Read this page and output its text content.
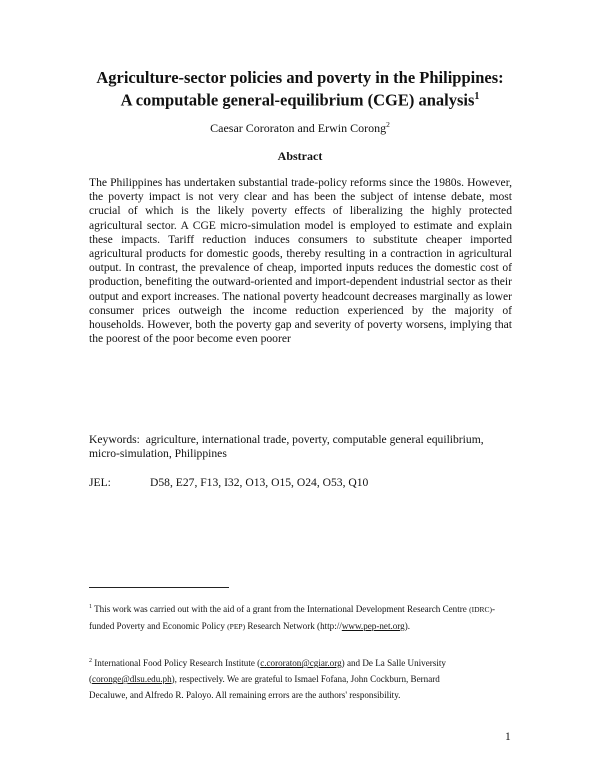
Agriculture-sector policies and poverty in the Philippines:
A computable general-equilibrium (CGE) analysis$^1$
Caesar Cororaton and Erwin Corong$^2$
Abstract

The Philippines has undertaken substantial trade-policy reforms since the 1980s. However, the poverty impact is not very clear and has been the subject of intense debate, most crucial of which is the likely poverty effects of liberalizing the highly protected agricultural sector. A CGE micro-simulation model is employed to estimate and explain these impacts. Tariff reduction induces consumers to substitute cheaper imported agricultural products for domestic goods, thereby resulting in a contraction in agricultural output. In contrast, the prevalence of cheap, imported inputs reduces the domestic cost of production, benefiting the outward-oriented and import-dependent industrial sector as their output and export increases. The national poverty headcount decreases marginally as lower consumer prices outweigh the income reduction experienced by the majority of households. However, both the poverty gap and severity of poverty worsens, implying that the poorest of the poor become even poorer

Keywords: agriculture, international trade, poverty, computable general equilibrium, micro-simulation, Philippines

JEL:	D58, E27, F13, I32, O13, O15, O24, O53, Q10

$^1$ This work was carried out with the aid of a grant from the International Development Research Centre (IDRC)-funded Poverty and Economic Policy (PEP) Research Network (http://www.pep-net.org).

$^2$ International Food Policy Research Institute (c.cororaton@cgiar.org) and De La Salle University
(coronge@dlsu.edu.ph), respectively. We are grateful to Ismael Fofana, John Cockburn, Bernard
Decaluwe, and Alfredo R. Paloyo. All remaining errors are the authors' responsibility.

1
